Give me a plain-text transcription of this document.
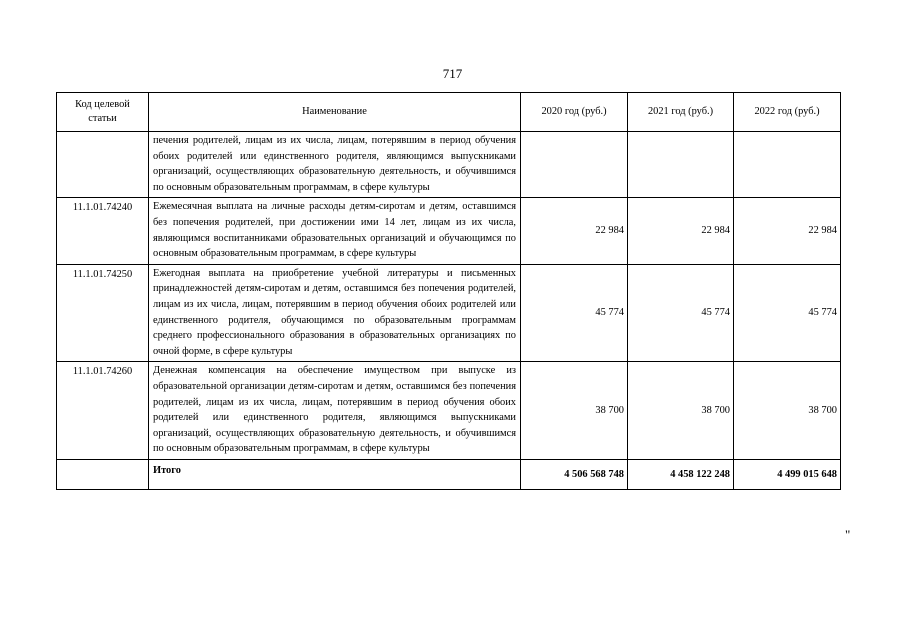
717
Код целевой статьи	Наименование	2020 год (руб.)	2021 год (руб.)	2022 год (руб.)
	печения родителей, лицам из их числа, лицам, потерявшим в период обучения обоих родителей или единственного родителя, являющимся выпускниками организаций, осуществляющих образовательную деятельность, и обучившимся по основным образовательным программам, в сфере культуры			
11.1.01.74240	Ежемесячная выплата на личные расходы детям-сиротам и детям, оставшимся без попечения родителей, при достижении ими 14 лет, лицам из их числа, являющимся воспитанниками образовательных организаций и обучающимся по основным образовательным программам, в сфере культуры	22 984	22 984	22 984
11.1.01.74250	Ежегодная выплата на приобретение учебной литературы и письменных принадлежностей детям-сиротам и детям, оставшимся без попечения родителей, лицам из их числа, лицам, потерявшим в период обучения обоих родителей или единственного родителя, обучающимся по образовательным программам среднего профессионального образования в образовательных организациях по очной форме, в сфере культуры	45 774	45 774	45 774
11.1.01.74260	Денежная компенсация на обеспечение имуществом при выпуске из образовательной организации детям-сиротам и детям, оставшимся без попечения родителей, лицам из их числа, лицам, потерявшим в период обучения обоих родителей или единственного родителя, являющимся выпускниками организаций, осуществляющих образовательную деятельность, и обучившимся по основным образовательным программам, в сфере культуры	38 700	38 700	38 700
	Итого	4 506 568 748	4 458 122 248	4 499 015 648
"
